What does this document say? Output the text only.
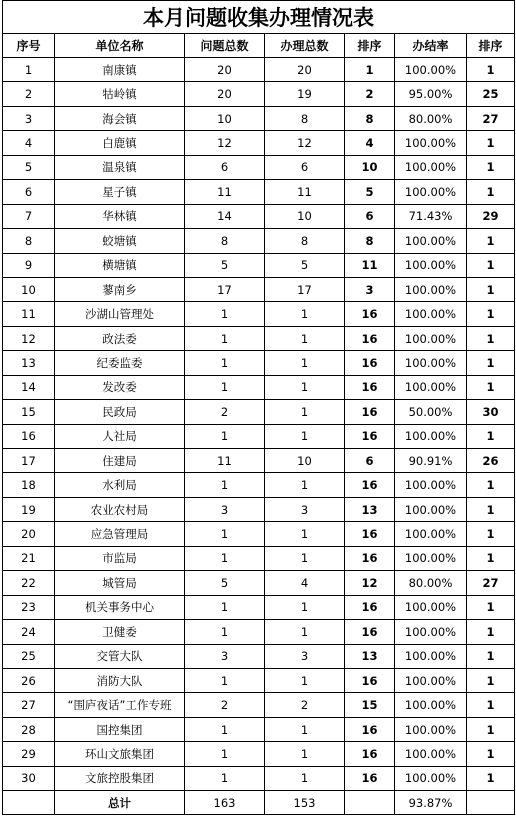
本月问题收集办理情况表						
序号	单位名称	问题总数	办理总数	排序	办结率	排序
1	南康镇	20	20	1	100.00%	1
2	牯岭镇	20	19	2	95.00%	25
3	海会镇	10	8	8	80.00%	27
4	白鹿镇	12	12	4	100.00%	1
5	温泉镇	6	6	10	100.00%	1
6	星子镇	11	11	5	100.00%	1
7	华林镇	14	10	6	71.43%	29
8	蛟塘镇	8	8	8	100.00%	1
9	横塘镇	5	5	11	100.00%	1
10	蓼南乡	17	17	3	100.00%	1
11	沙湖山管理处	1	1	16	100.00%	1
12	政法委	1	1	16	100.00%	1
13	纪委监委	1	1	16	100.00%	1
14	发改委	1	1	16	100.00%	1
15	民政局	2	1	16	50.00%	30
16	人社局	1	1	16	100.00%	1
17	住建局	11	10	6	90.91%	26
18	水利局	1	1	16	100.00%	1
19	农业农村局	3	3	13	100.00%	1
20	应急管理局	1	1	16	100.00%	1
21	市监局	1	1	16	100.00%	1
22	城管局	5	4	12	80.00%	27
23	机关事务中心	1	1	16	100.00%	1
24	卫健委	1	1	16	100.00%	1
25	交管大队	3	3	13	100.00%	1
26	消防大队	1	1	16	100.00%	1
27	“围庐夜话”工作专班	2	2	15	100.00%	1
28	国控集团	1	1	16	100.00%	1
29	环山文旅集团	1	1	16	100.00%	1
30	文旅控股集团	1	1	16	100.00%	1
	总计	163	153		93.87%	
